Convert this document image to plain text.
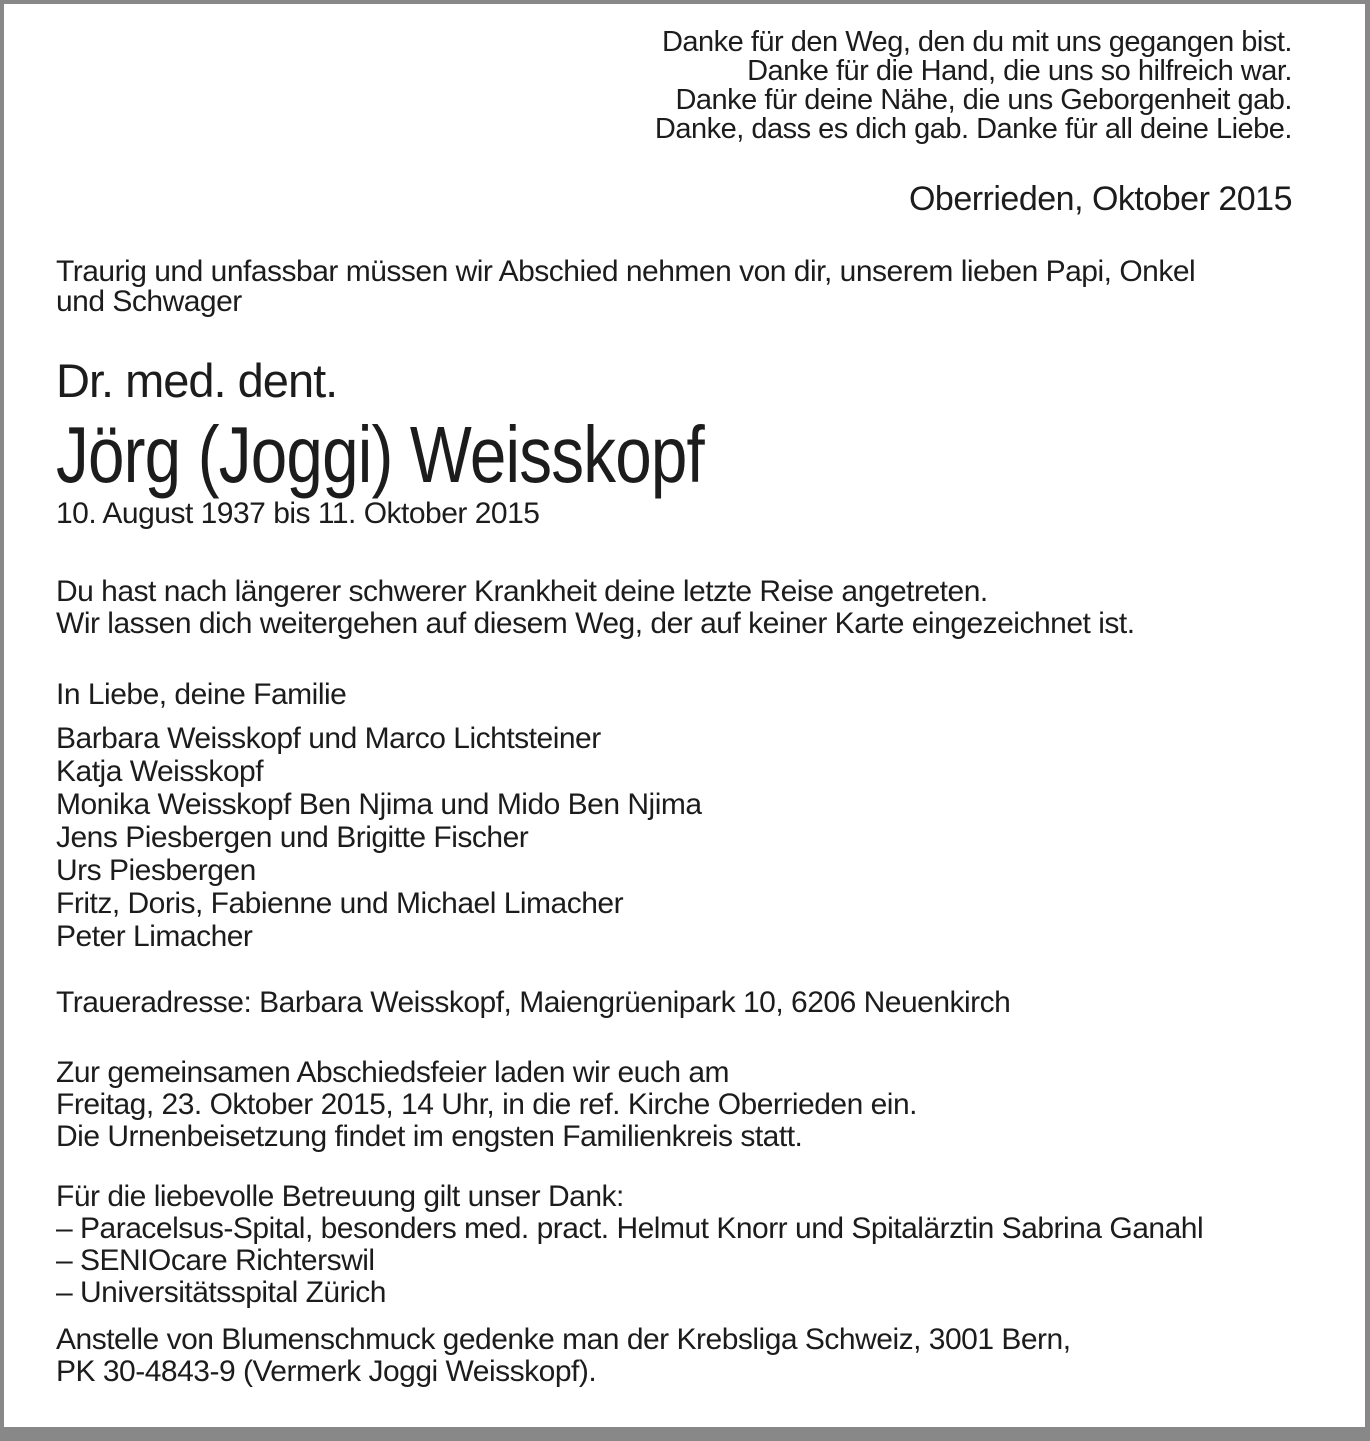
Danke für den Weg, den du mit uns gegangen bist.
Danke für die Hand, die uns so hilfreich war.
Danke für deine Nähe, die uns Geborgenheit gab.
Danke, dass es dich gab. Danke für all deine Liebe.
Oberrieden, Oktober 2015
Traurig und unfassbar müssen wir Abschied nehmen von dir, unserem lieben Papi, Onkel
und Schwager
Dr. med. dent.
Jörg (Joggi) Weisskopf
10. August 1937 bis 11. Oktober 2015
Du hast nach längerer schwerer Krankheit deine letzte Reise angetreten.
Wir lassen dich weitergehen auf diesem Weg, der auf keiner Karte eingezeichnet ist.
In Liebe, deine Familie
Barbara Weisskopf und Marco Lichtsteiner
Katja Weisskopf
Monika Weisskopf Ben Njima und Mido Ben Njima
Jens Piesbergen und Brigitte Fischer
Urs Piesbergen
Fritz, Doris, Fabienne und Michael Limacher
Peter Limacher
Traueradresse: Barbara Weisskopf, Maiengrüenipark 10, 6206 Neuenkirch
Zur gemeinsamen Abschiedsfeier laden wir euch am
Freitag, 23. Oktober 2015, 14 Uhr, in die ref. Kirche Oberrieden ein.
Die Urnenbeisetzung findet im engsten Familienkreis statt.
Für die liebevolle Betreuung gilt unser Dank:
– Paracelsus-Spital, besonders med. pract. Helmut Knorr und Spitalärztin Sabrina Ganahl
– SENIOcare Richterswil
– Universitätsspital Zürich
Anstelle von Blumenschmuck gedenke man der Krebsliga Schweiz, 3001 Bern,
PK 30-4843-9 (Vermerk Joggi Weisskopf).
